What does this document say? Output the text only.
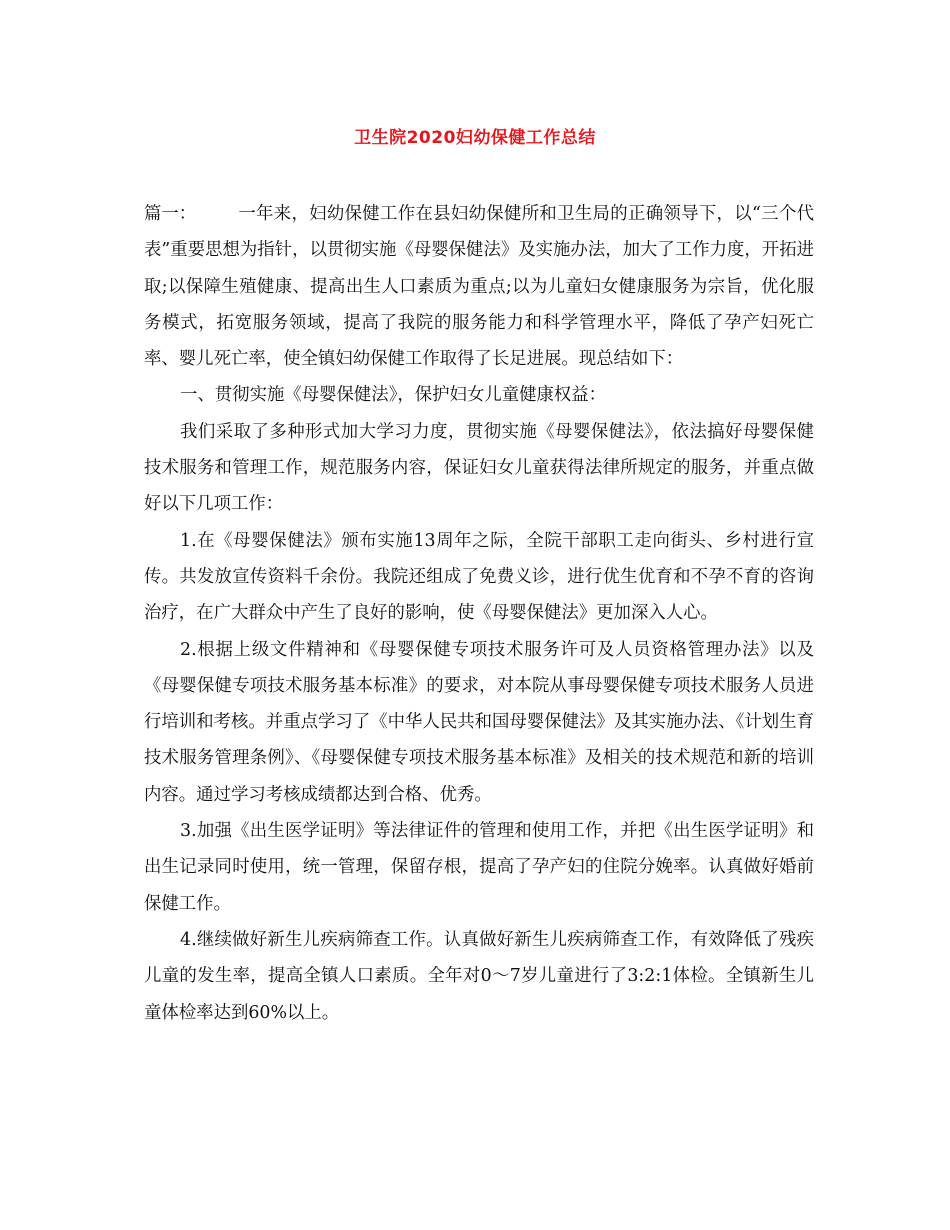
卫生院2020妇幼保健工作总结

篇一： 一年来，妇幼保健工作在县妇幼保健所和卫生局的正确领导下，以“三个代表”重要思想为指针，以贯彻实施《母婴保健法》及实施办法，加大了工作力度，开拓进取;以保障生殖健康、提高出生人口素质为重点;以为儿童妇女健康服务为宗旨，优化服务模式，拓宽服务领域，提高了我院的服务能力和科学管理水平，降低了孕产妇死亡率、婴儿死亡率，使全镇妇幼保健工作取得了长足进展。现总结如下：

一、贯彻实施《母婴保健法》，保护妇女儿童健康权益：

我们采取了多种形式加大学习力度，贯彻实施《母婴保健法》，依法搞好母婴保健技术服务和管理工作，规范服务内容，保证妇女儿童获得法律所规定的服务，并重点做好以下几项工作：

1.在《母婴保健法》颁布实施13周年之际，全院干部职工走向街头、乡村进行宣传。共发放宣传资料千余份。我院还组成了免费义诊，进行优生优育和不孕不育的咨询治疗，在广大群众中产生了良好的影响，使《母婴保健法》更加深入人心。

2.根据上级文件精神和《母婴保健专项技术服务许可及人员资格管理办法》以及《母婴保健专项技术服务基本标准》的要求，对本院从事母婴保健专项技术服务人员进行培训和考核。并重点学习了《中华人民共和国母婴保健法》及其实施办法、《计划生育技术服务管理条例》、《母婴保健专项技术服务基本标准》及相关的技术规范和新的培训内容。通过学习考核成绩都达到合格、优秀。

3.加强《出生医学证明》等法律证件的管理和使用工作，并把《出生医学证明》和出生记录同时使用，统一管理，保留存根，提高了孕产妇的住院分娩率。认真做好婚前保健工作。

4.继续做好新生儿疾病筛查工作。认真做好新生儿疾病筛查工作，有效降低了残疾儿童的发生率，提高全镇人口素质。全年对0～7岁儿童进行了3:2:1体检。全镇新生儿童体检率达到60%以上。
